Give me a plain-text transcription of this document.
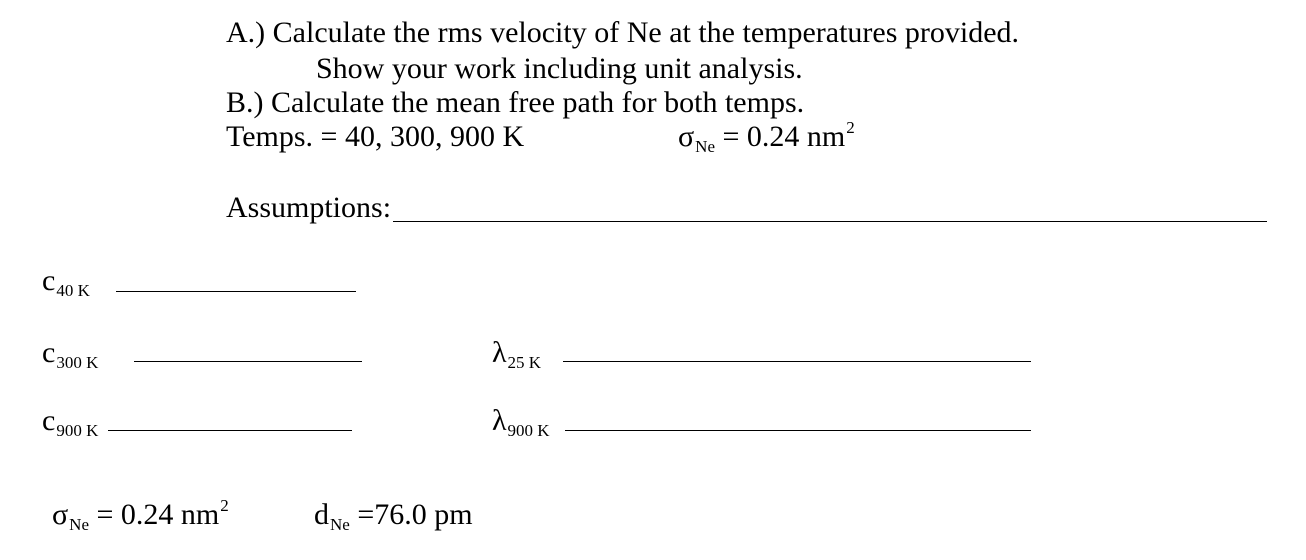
A.) Calculate the rms velocity of Ne at the temperatures provided.
Show your work including unit analysis.
B.) Calculate the mean free path for both temps.
Temps. = 40, 300, 900 K	$\sigma_{Ne} = 0.24$ $nm^2$
Assumptions:
$c_{40 K}$
$c_{300 K}$	$\lambda_{25 K}$
$c_{900 K}$	$\lambda_{900 K}$
$\sigma_{Ne} = 0.24$ $nm^2$	$d_{Ne} =76.0$ pm
